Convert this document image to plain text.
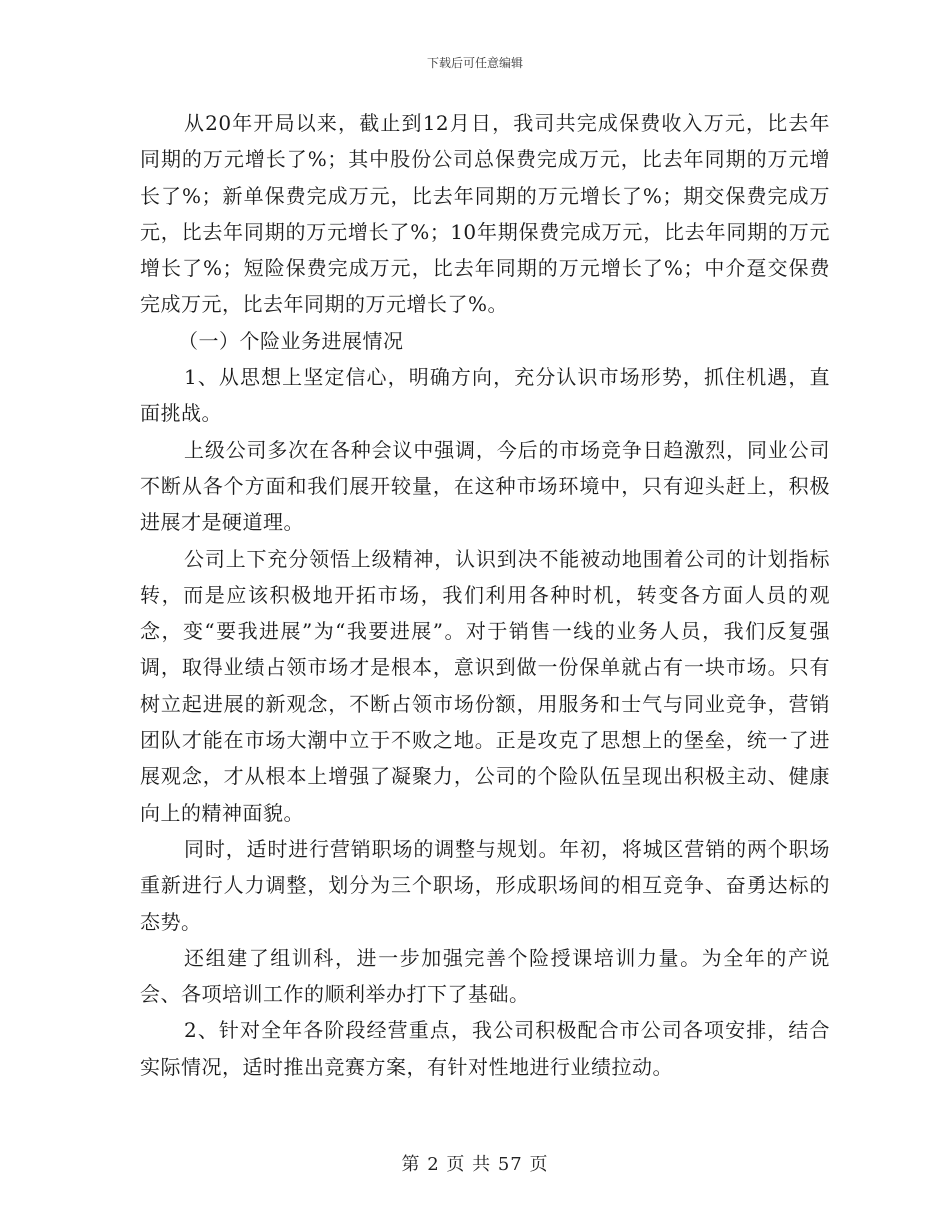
下载后可任意编辑

从20年开局以来，截止到12月日，我司共完成保费收入万元，比去年同期的万元增长了%；其中股份公司总保费完成万元，比去年同期的万元增长了%；新单保费完成万元，比去年同期的万元增长了%；期交保费完成万元，比去年同期的万元增长了%；10年期保费完成万元，比去年同期的万元增长了%；短险保费完成万元，比去年同期的万元增长了%；中介趸交保费完成万元，比去年同期的万元增长了%。

（一）个险业务进展情况

1、从思想上坚定信心，明确方向，充分认识市场形势，抓住机遇，直面挑战。

上级公司多次在各种会议中强调，今后的市场竞争日趋激烈，同业公司不断从各个方面和我们展开较量，在这种市场环境中，只有迎头赶上，积极进展才是硬道理。

公司上下充分领悟上级精神，认识到决不能被动地围着公司的计划指标转，而是应该积极地开拓市场，我们利用各种时机，转变各方面人员的观念，变“要我进展”为“我要进展”。对于销售一线的业务人员，我们反复强调，取得业绩占领市场才是根本，意识到做一份保单就占有一块市场。只有树立起进展的新观念，不断占领市场份额，用服务和士气与同业竞争，营销团队才能在市场大潮中立于不败之地。正是攻克了思想上的堡垒，统一了进展观念，才从根本上增强了凝聚力，公司的个险队伍呈现出积极主动、健康向上的精神面貌。

同时，适时进行营销职场的调整与规划。年初，将城区营销的两个职场重新进行人力调整，划分为三个职场，形成职场间的相互竞争、奋勇达标的态势。

还组建了组训科，进一步加强完善个险授课培训力量。为全年的产说会、各项培训工作的顺利举办打下了基础。

2、针对全年各阶段经营重点，我公司积极配合市公司各项安排，结合实际情况，适时推出竞赛方案，有针对性地进行业绩拉动。

第 2 页 共 57 页
